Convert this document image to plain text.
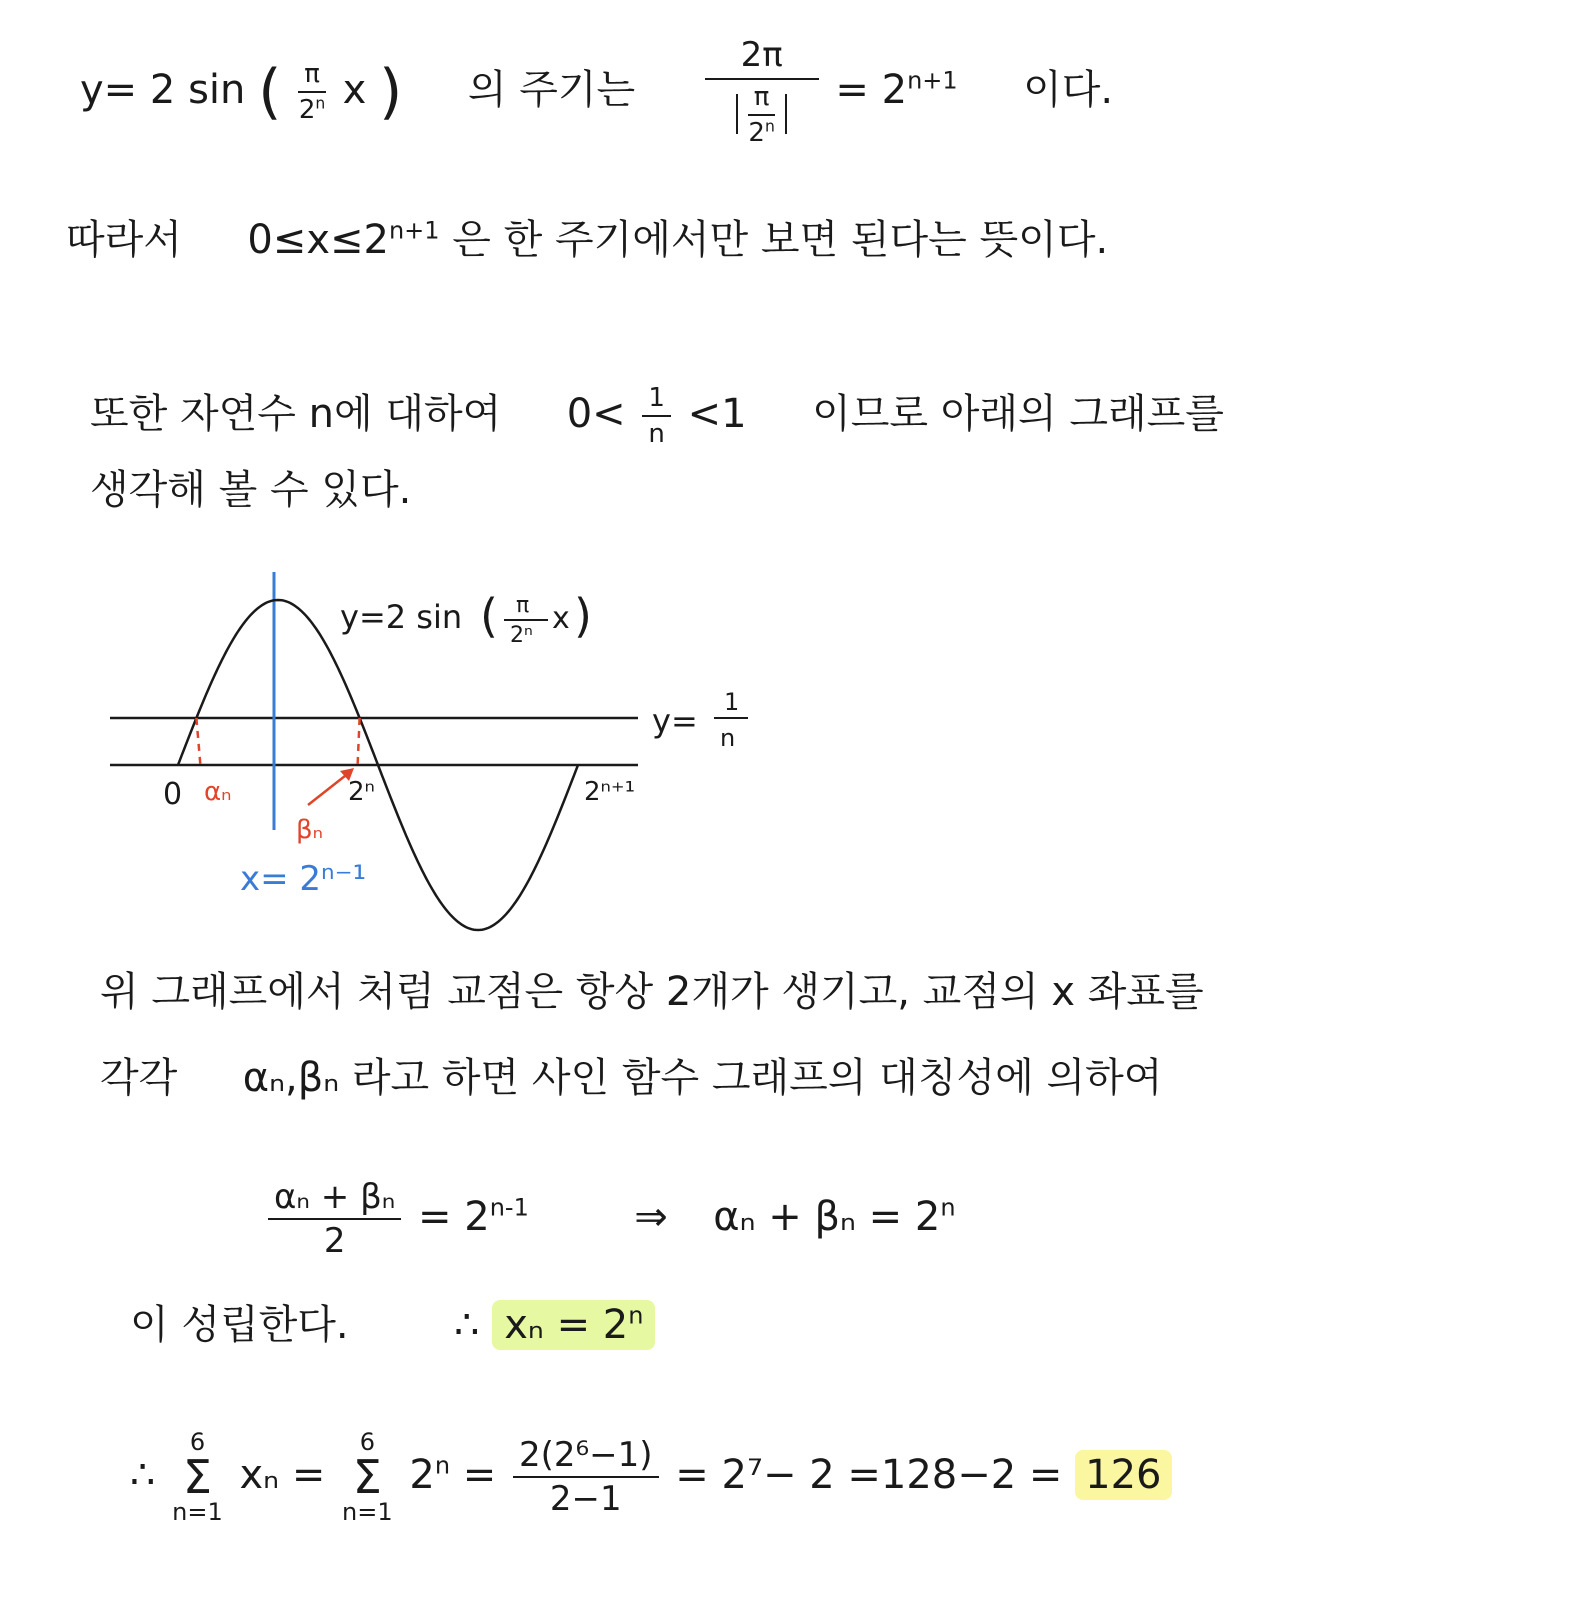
y= 2 sin ( $\frac{\pi}{2^n}$ x ) 의 주기는 $\frac{2\pi}{\frac{\pi}{2^n}} = 2^{n+1}$ 이다.
따라서 $0\le x\le 2^{n+1}$ 은 한 주기에서만 보면 된다는 뜻이다.
또한 자연수 n에 대하여 $0< \frac{1}{n} <1$ 이므로 아래의 그래프를
생각해 볼 수 있다.
0 αₙ	2ⁿ
βₙ
2ⁿ⁺¹
x= 2ⁿ⁻¹
y=2 sin ( π
2ⁿ x )
y= 1
n
위 그래프에서 처럼 교점은 항상 2개가 생기고, 교점의 x 좌표를
각각 αₙ,βₙ 라고 하면 사인 함수 그래프의 대칭성에 의하여
$\frac{\text{αₙ + βₙ}}{2} = 2^{n-1}$	⇒ $\alpha_n + \beta_n = 2^n$
이 성립한다.	∴ $x_n = 2^n$
∴
6
Σ
n=1
xₙ =
6
Σ
n=1
$2^n = \frac{\text{2(2⁶−1)}}{2-1} = 2^7- 2 =128-2 = 126$
